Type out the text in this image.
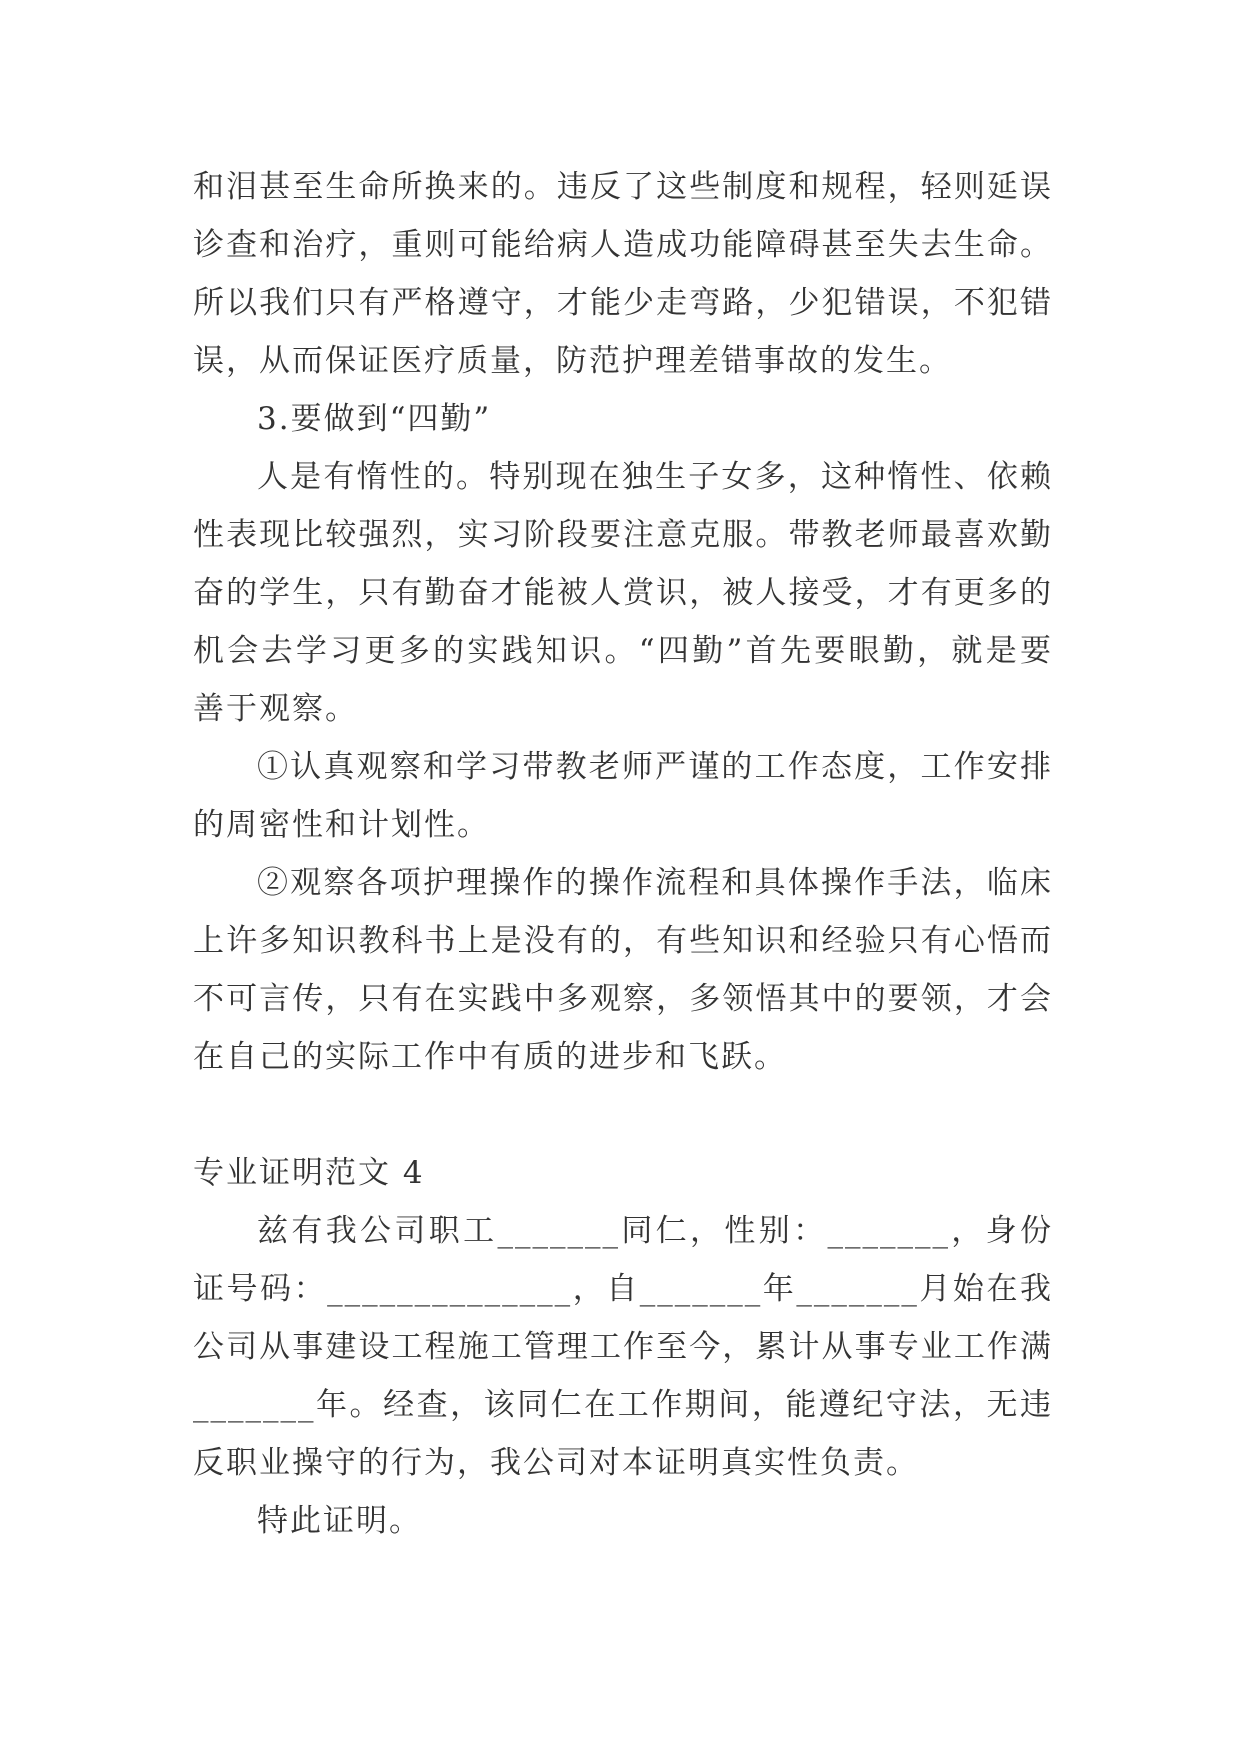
和泪甚至生命所换来的。违反了这些制度和规程，轻则延误诊查和治疗，重则可能给病人造成功能障碍甚至失去生命。所以我们只有严格遵守，才能少走弯路，少犯错误，不犯错误，从而保证医疗质量，防范护理差错事故的发生。

3.要做到“四勤”

人是有惰性的。特别现在独生子女多，这种惰性、依赖性表现比较强烈，实习阶段要注意克服。带教老师最喜欢勤奋的学生，只有勤奋才能被人赏识，被人接受，才有更多的机会去学习更多的实践知识。“四勤”首先要眼勤，就是要善于观察。

①认真观察和学习带教老师严谨的工作态度，工作安排的周密性和计划性。

②观察各项护理操作的操作流程和具体操作手法，临床上许多知识教科书上是没有的，有些知识和经验只有心悟而不可言传，只有在实践中多观察，多领悟其中的要领，才会在自己的实际工作中有质的进步和飞跃。

专业证明范文 4

兹有我公司职工_______同仁，性别：_______，身份证号码：______________，自_______年_______月始在我公司从事建设工程施工管理工作至今，累计从事专业工作满_______年。经查，该同仁在工作期间，能遵纪守法，无违反职业操守的行为，我公司对本证明真实性负责。

特此证明。
